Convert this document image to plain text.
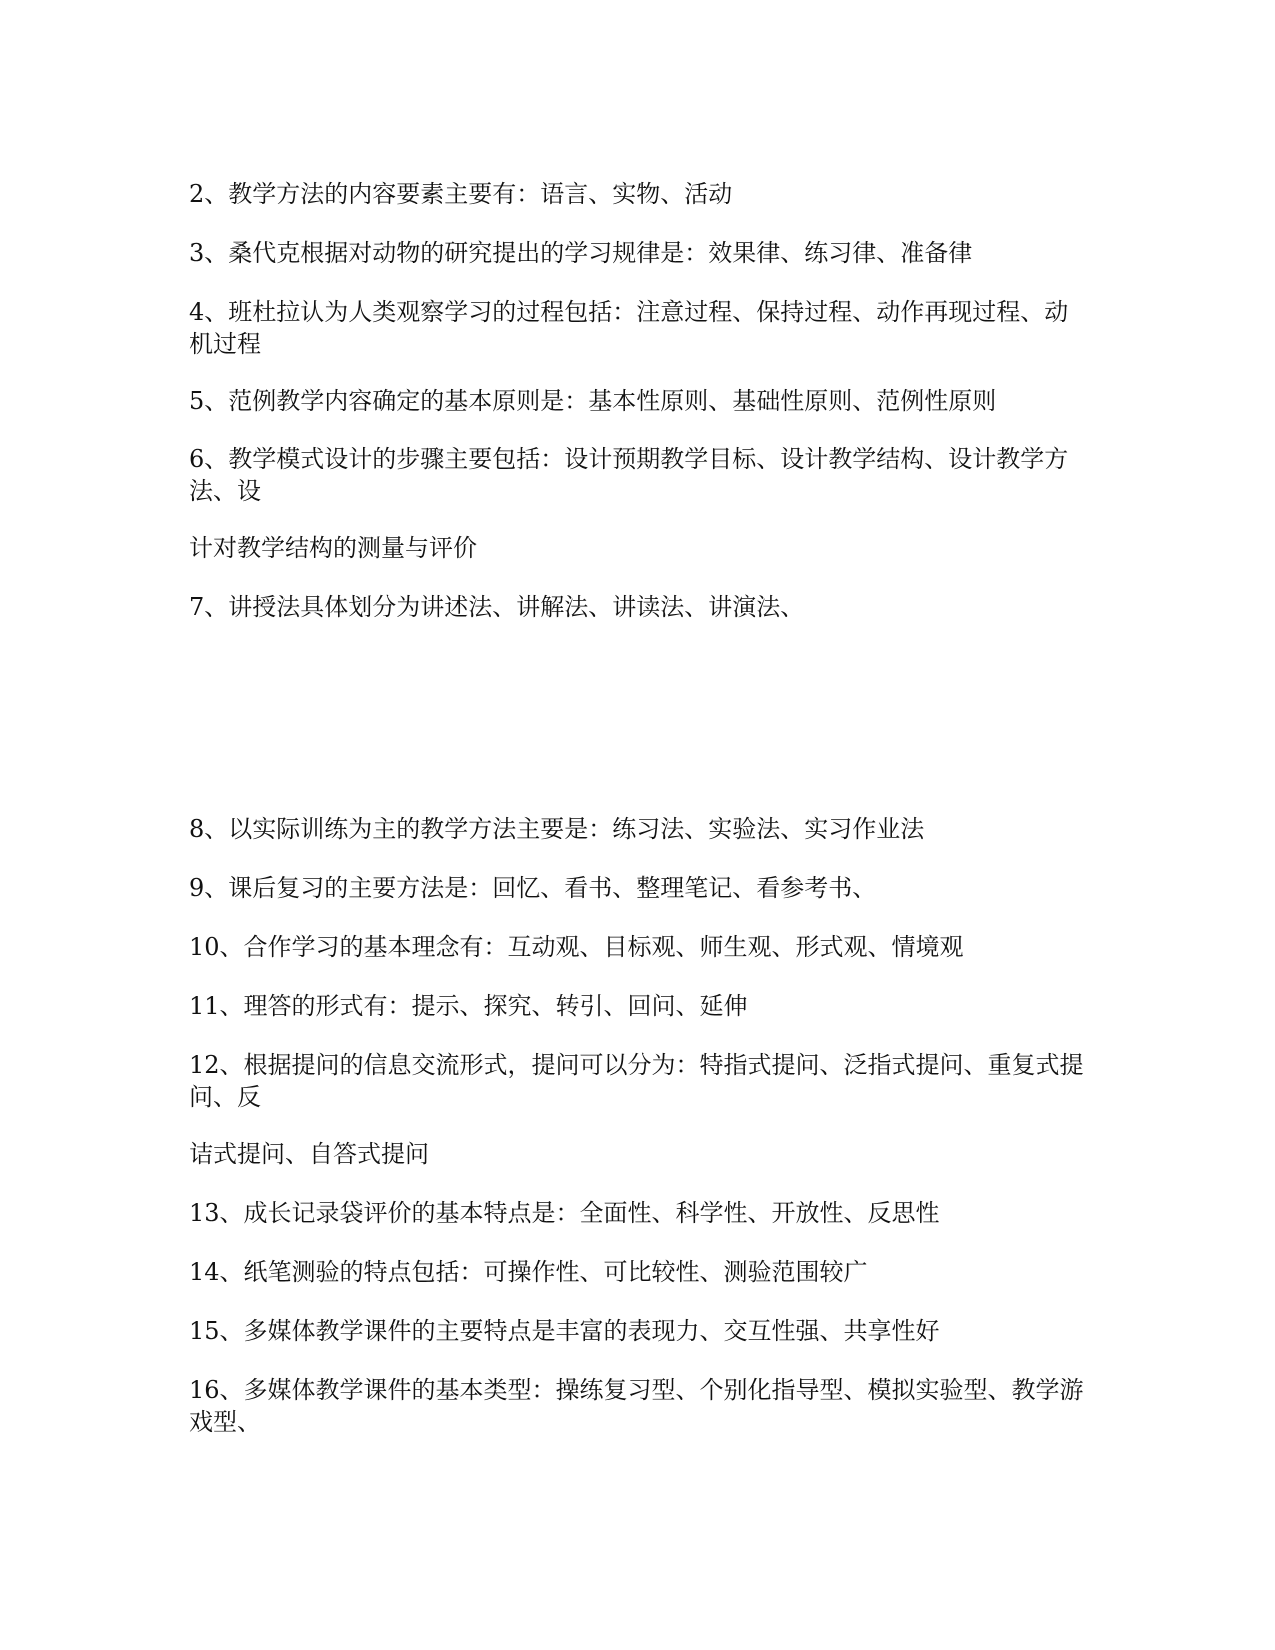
2、教学方法的内容要素主要有：语言、实物、活动
3、桑代克根据对动物的研究提出的学习规律是：效果律、练习律、准备律
4、班杜拉认为人类观察学习的过程包括：注意过程、保持过程、动作再现过程、动机过程
5、范例教学内容确定的基本原则是：基本性原则、基础性原则、范例性原则
6、教学模式设计的步骤主要包括：设计预期教学目标、设计教学结构、设计教学方法、设
计对教学结构的测量与评价
7、讲授法具体划分为讲述法、讲解法、讲读法、讲演法、
8、以实际训练为主的教学方法主要是：练习法、实验法、实习作业法
9、课后复习的主要方法是：回忆、看书、整理笔记、看参考书、
10、合作学习的基本理念有：互动观、目标观、师生观、形式观、情境观
11、理答的形式有：提示、探究、转引、回问、延伸
12、根据提问的信息交流形式，提问可以分为：特指式提问、泛指式提问、重复式提问、反
诘式提问、自答式提问
13、成长记录袋评价的基本特点是：全面性、科学性、开放性、反思性
14、纸笔测验的特点包括：可操作性、可比较性、测验范围较广
15、多媒体教学课件的主要特点是丰富的表现力、交互性强、共享性好
16、多媒体教学课件的基本类型：操练复习型、个别化指导型、模拟实验型、教学游戏型、
